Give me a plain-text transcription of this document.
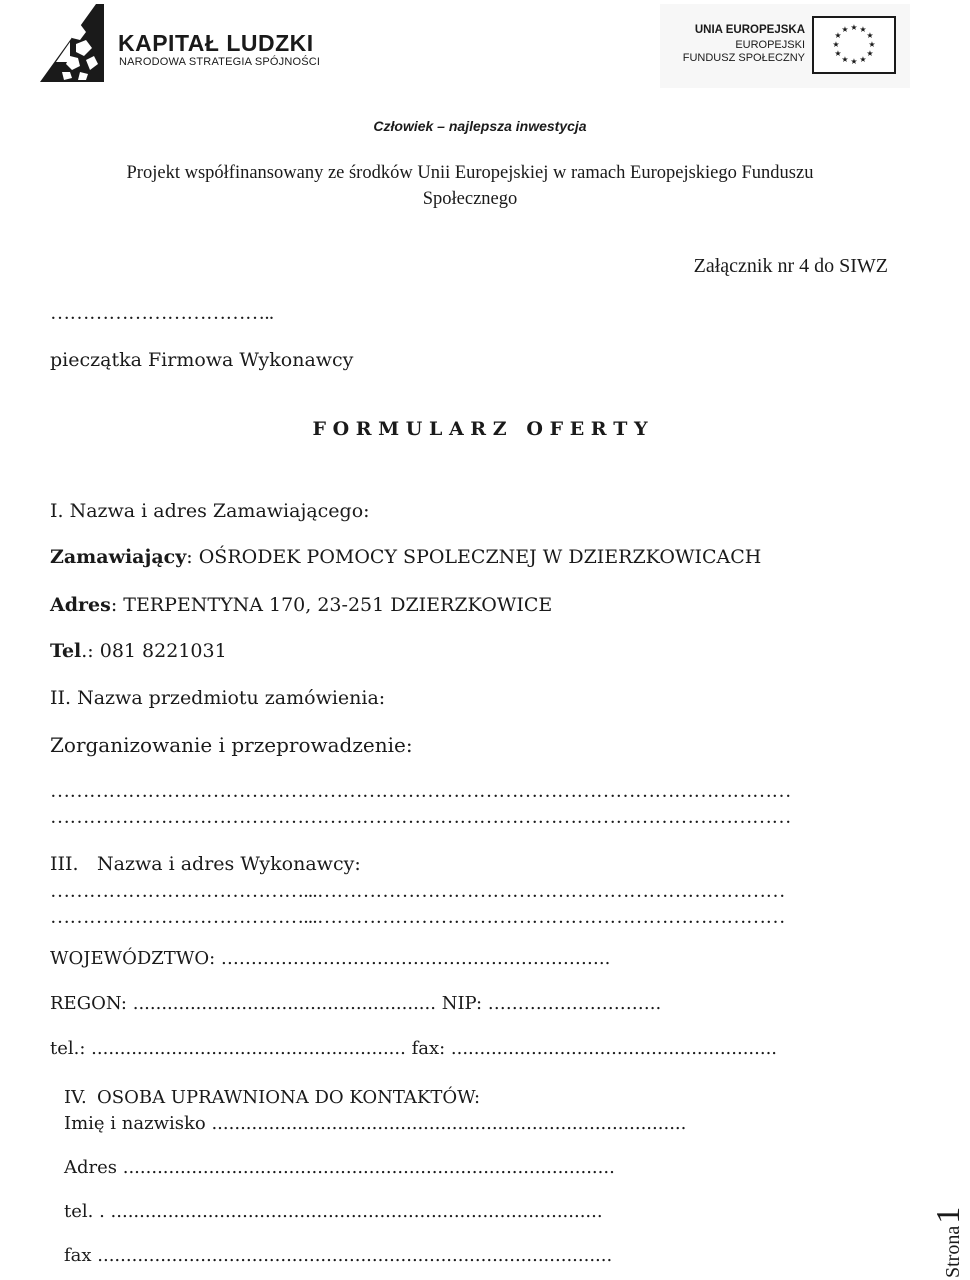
KAPITAŁ LUDZKI
NARODOWA STRATEGIA SPÓJNOŚCI
UNIA EUROPEJSKA
EUROPEJSKI
FUNDUSZ SPOŁECZNY
★ ★
★
★
★
★
★
★
★
★
★
★
Człowiek – najlepsza inwestycja
Projekt współfinansowany ze środków Unii Europejskiej w ramach Europejskiego Funduszu
Społecznego
Załącznik nr 4 do SIWZ
……………………………..
pieczątka Firmowa Wykonawcy
F O R M U L A R Z   O F E R T Y
I. Nazwa i adres Zamawiającego:
Zamawiający: OŚRODEK POMOCY SPOLECZNEJ W DZIERZKOWICACH
Adres: TERPENTYNA 170, 23-251 DZIERZKOWICE
Tel.: 081 8221031
II. Nazwa przedmiotu zamówienia:
Zorganizowanie i przeprowadzenie:
……………………………………………………………………………………………………
……………………………………………………………………………………………………
III. Nazwa i adres Wykonawcy:
…………………………………...………………………………………………………………
…………………………………...………………………………………………………………
WOJEWÓDZTWO: ………………………………………………………..
REGON: ..................................................... NIP: ………………………..
tel.: ....................................................... fax: .........................................................
IV. OSOBA UPRAWNIONA DO KONTAKTÓW:
Imię i nazwisko ...................................................................................
Adres ......................................................................................
tel. . ......................................................................................
fax ..........................................................................................	Strona1
